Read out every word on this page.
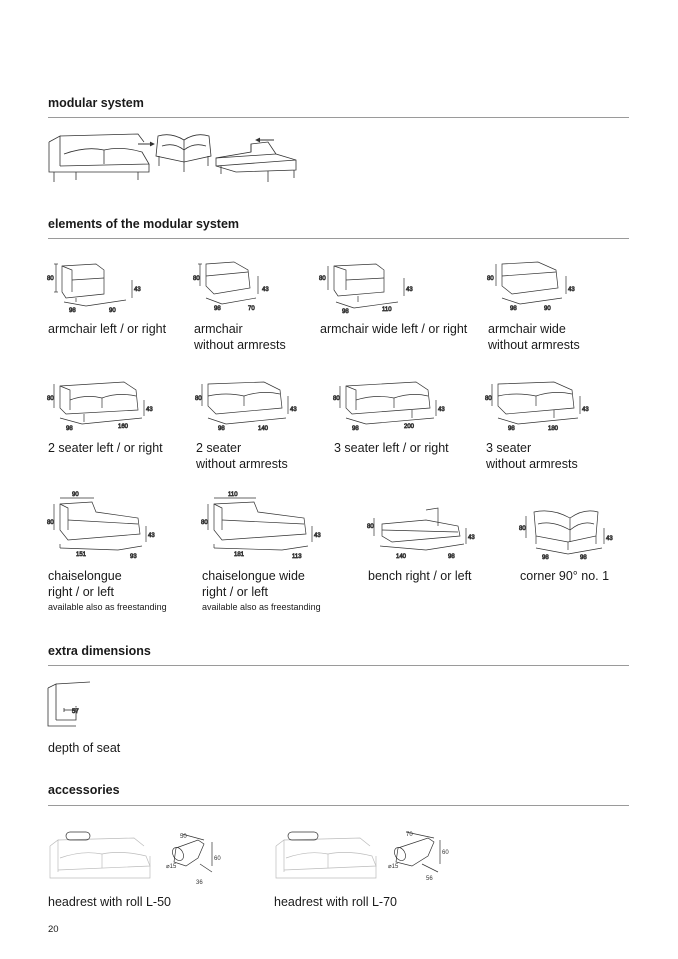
modular system
elements of the modular system
80
43
98	90
armchair left / or right
80
43
98	70
armchair
without armrests
80
43
98	110
armchair wide left / or right
80
43
98	90
armchair wide
without armrests
80
43
98	160
2 seater left / or right
80
43
98	140
2 seater
without armrests
80
43
98	200
3 seater left / or right
80
43
98	180
3 seater
without armrests
90
80
43
151	93
chaiselongue
right / or left
available also as freestanding
110
80
43
181	113
chaiselongue wide
right / or left
available also as freestanding
80
43
140	98
bench right / or left
80
43
98	98
corner 90° no. 1
extra dimensions
57
depth of seat
accessories
50
60
⌀15
36
headrest with roll L-50
70
60
⌀15
56
headrest with roll L-70
20
